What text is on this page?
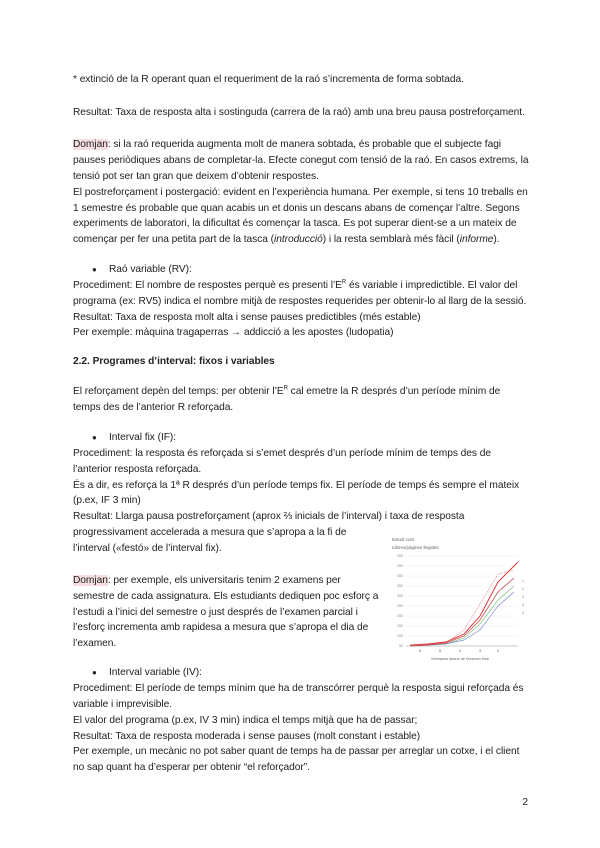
* extinció de la R operant quan el requeriment de la raó s’incrementa de forma sobtada.
Resultat: Taxa de resposta alta i sostinguda (carrera de la raó) amb una breu pausa postreforçament.
Domjan: si la raó requerida augmenta molt de manera sobtada, és probable que el subjecte fagi
pauses periòdiques abans de completar-la. Efecte conegut com tensió de la raó. En casos extrems, la
tensió pot ser tan gran que deixem d’obtenir respostes.
El postreforçament i postergació: evident en l’experiència humana. Per exemple, si tens 10 treballs en
1 semestre és probable que quan acabis un et donis un descans abans de començar l’altre. Segons
experiments de laboratori, la dificultat és començar la tasca. Es pot superar dient-se a un mateix de
començar per fer una petita part de la tasca (introducció) i la resta semblarà més fàcil (informe).
● Raó variable (RV):
Procediment: El nombre de respostes perquè es presenti $l’E^R$ és variable i impredictible. El valor del
programa (ex: RV5) indica el nombre mitjà de respostes requerides per obtenir-lo al llarg de la sessió.
Resultat: Taxa de resposta molt alta i sense pauses predictibles (més estable)
Per exemple: màquina tragaperras → addicció a les apostes (ludopatia)
2.2. Programes d’interval: fixos i variables
El reforçament depèn del temps: per obtenir $l’E^R$ cal emetre la R després d’un període mínim de
temps des de l’anterior R reforçada.
● Interval fix (IF):
Procediment: la resposta és reforçada si s’emet després d’un període mínim de temps des de
l’anterior resposta reforçada.
És a dir, es reforça la 1ª R després d’un període temps fix. El període de temps és sempre el mateix
(p.ex, IF 3 min)
Resultat: Llarga pausa postreforçament (aprox ⅔ inicials de l’interval) i taxa de resposta
progressivament accelerada a mesura que s’apropa a la fi de
l’interval («festó» de l’interval fix).
Domjan: per exemple, els universitaris tenim 2 examens per
semestre de cada assignatura. Els estudiants dediquen poc esforç a
l’estudi a l’inici del semestre o just després de l’examen parcial i
l’esforç incrementa amb rapidesa a mesura que s’apropa el dia de
l’examen.
● Interval variable (IV):
Procediment: El període de temps mínim que ha de transcórrer perquè la resposta sigui reforçada és
variable i imprevisible.
El valor del programa (p.ex, IV 3 min) indica el temps mitjà que ha de passar;
Resultat: Taxa de resposta moderada i sense pauses (molt constant i estable)
Per exemple, un mecànic no pot saber quant de temps ha de passar per arreglar un cotxe, i el client
no sap quant ha d’esperar per obtenir “el reforçador”.
Estudi curs
Llibres/pàgines llegides
400
450
400
350
300
250
200
150
100
50
6	5	4	3	2
Setmanes abans de l'examen final
1
2
3
4
5
2
